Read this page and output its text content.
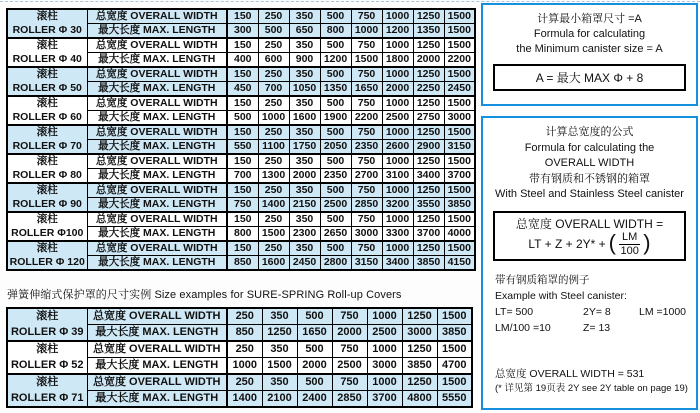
滚柱
ROLLER Φ 30	总宽度 OVERALL WIDTH	150	250	350	500	750	1000	1250	1500
	最大长度 MAX. LENGTH	300	500	650	800	1000	1200	1350	1500

滚柱
ROLLER Φ 40	总宽度 OVERALL WIDTH	150	250	350	500	750	1000	1250	1500
	最大长度 MAX. LENGTH	400	600	900	1200	1500	1800	2000	2200

滚柱
ROLLER Φ 50	总宽度 OVERALL WIDTH	150	250	350	500	750	1000	1250	1500
	最大长度 MAX. LENGTH	450	700	1050	1350	1650	2000	2250	2450

滚柱
ROLLER Φ 60	总宽度 OVERALL WIDTH	150	250	350	500	750	1000	1250	1500
	最大长度 MAX. LENGTH	500	1000	1600	1900	2200	2500	2750	3000

滚柱
ROLLER Φ 70	总宽度 OVERALL WIDTH	150	250	350	500	750	1000	1250	1500
	最大长度 MAX. LENGTH	550	1100	1750	2050	2350	2600	2900	3150

滚柱
ROLLER Φ 80	总宽度 OVERALL WIDTH	150	250	350	500	750	1000	1250	1500
	最大长度 MAX. LENGTH	700	1300	2000	2350	2700	3100	3400	3700

滚柱
ROLLER Φ 90	总宽度 OVERALL WIDTH	150	250	350	500	750	1000	1250	1500
	最大长度 MAX. LENGTH	750	1400	2150	2500	2850	3200	3550	3850

滚柱
ROLLER Φ100	总宽度 OVERALL WIDTH	150	250	350	500	750	1000	1250	1500
	最大长度 MAX. LENGTH	800	1500	2300	2650	3000	3300	3700	4000

滚柱
ROLLER Φ 120	总宽度 OVERALL WIDTH	150	250	350	500	750	1000	1250	1500
	最大长度 MAX. LENGTH	850	1600	2450	2800	3150	3400	3850	4150
弹簧伸缩式保护罩的尺寸实例 Size examples for SURE-SPRING Roll-up Covers
滚柱
ROLLER Φ 39	总宽度 OVERALL WIDTH	250	350	500	750	1000	1250	1500
	最大长度 MAX. LENGTH	850	1250	1650	2000	2500	3000	3850

滚柱
ROLLER Φ 52	总宽度 OVERALL WIDTH	250	350	500	750	1000	1250	1500
	最大长度 MAX. LENGTH	1000	1500	2000	2500	3000	3850	4700

滚柱
ROLLER Φ 71	总宽度 OVERALL WIDTH	250	350	500	750	1000	1250	1500
	最大长度 MAX. LENGTH	1400	2100	2400	2850	3700	4800	5550
计算最小箱罩尺寸 =A
Formula for calculating
the Minimum canister size = A
A = 最大 MAX Φ + 8
计算总宽度的公式
Formula for calculating the
OVERALL WIDTH
带有钢质和不锈钢的箱罩
With Steel and Stainless Steel canister
总宽度 OVERALL WIDTH =
LT + Z + 2Y* + ( $\frac{LM}{100}$ )
带有钢质箱罩的例子
Example with Steel canister:
LT= 500	2Y= 8	LM =1000
LM/100 =10	Z= 13
总宽度 OVERALL WIDTH = 531
(* 详见第 19页表 2Y see 2Y table on page 19)
